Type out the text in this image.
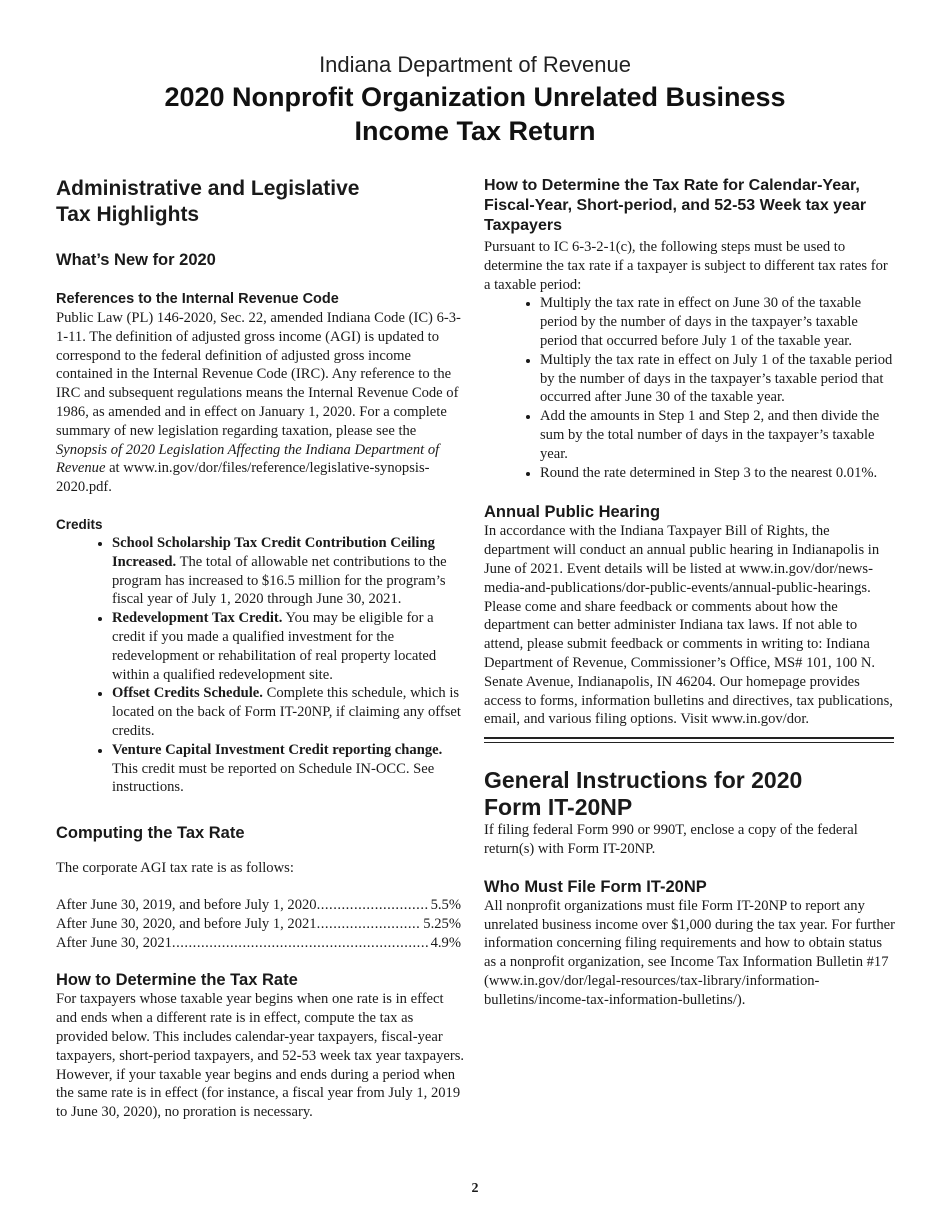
Indiana Department of Revenue
2020 Nonprofit Organization Unrelated Business
Income Tax Return
Administrative and Legislative
Tax Highlights
What’s New for 2020
References to the Internal Revenue Code

Public Law (PL) 146-2020, Sec. 22, amended Indiana Code (IC) 6-3-1-11. The definition of adjusted gross income (AGI) is updated to correspond to the federal definition of adjusted gross income contained in the Internal Revenue Code (IRC). Any reference to the IRC and subsequent regulations means the Internal Revenue Code of 1986, as amended and in effect on January 1, 2020. For a complete summary of new legislation regarding taxation, please see the Synopsis of 2020 Legislation Affecting the Indiana Department of Revenue at www.in.gov/dor/files/reference/legislative-synopsis-2020.pdf.

Credits
• School Scholarship Tax Credit Contribution Ceiling Increased. The total of allowable net contributions to the program has increased to $16.5 million for the program’s fiscal year of July 1, 2020 through June 30, 2021.
• Redevelopment Tax Credit. You may be eligible for a credit if you made a qualified investment for the redevelopment or rehabilitation of real property located within a qualified redevelopment site.
• Offset Credits Schedule. Complete this schedule, which is located on the back of Form IT-20NP, if claiming any offset credits.
• Venture Capital Investment Credit reporting change. This credit must be reported on Schedule IN-OCC. See instructions.
Computing the Tax Rate

The corporate AGI tax rate is as follows:

After June 30, 2019, and before July 1, 2020 .....	5.5%
After June 30, 2020, and before July 1, 2021 .....	5.25%
After June 30, 2021 .....	4.9%
How to Determine the Tax Rate

For taxpayers whose taxable year begins when one rate is in effect and ends when a different rate is in effect, compute the tax as provided below. This includes calendar-year taxpayers, fiscal-year taxpayers, short-period taxpayers, and 52-53 week tax year taxpayers. However, if your taxable year begins and ends during a period when the same rate is in effect (for instance, a fiscal year from July 1, 2019 to June 30, 2020), no proration is necessary.

How to Determine the Tax Rate for Calendar-Year, Fiscal-Year, Short-period, and 52-53 Week tax year Taxpayers

Pursuant to IC 6-3-2-1(c), the following steps must be used to determine the tax rate if a taxpayer is subject to different tax rates for a taxable period:

• Multiply the tax rate in effect on June 30 of the taxable period by the number of days in the taxpayer’s taxable period that occurred before July 1 of the taxable year.
• Multiply the tax rate in effect on July 1 of the taxable period by the number of days in the taxpayer’s taxable period that occurred after June 30 of the taxable year.
• Add the amounts in Step 1 and Step 2, and then divide the sum by the total number of days in the taxpayer’s taxable year.
• Round the rate determined in Step 3 to the nearest 0.01%.
Annual Public Hearing

In accordance with the Indiana Taxpayer Bill of Rights, the department will conduct an annual public hearing in Indianapolis in June of 2021. Event details will be listed at www.in.gov/dor/news-media-and-publications/dor-public-events/annual-public-hearings. Please come and share feedback or comments about how the department can better administer Indiana tax laws. If not able to attend, please submit feedback or comments in writing to: Indiana Department of Revenue, Commissioner’s Office, MS# 101, 100 N. Senate Avenue, Indianapolis, IN 46204. Our homepage provides access to forms, information bulletins and directives, tax publications, email, and various filing options. Visit www.in.gov/dor.

General Instructions for 2020
Form IT-20NP

If filing federal Form 990 or 990T, enclose a copy of the federal return(s) with Form IT-20NP.

Who Must File Form IT-20NP

All nonprofit organizations must file Form IT-20NP to report any unrelated business income over $1,000 during the tax year. For further information concerning filing requirements and how to obtain status as a nonprofit organization, see Income Tax Information Bulletin #17 (www.in.gov/dor/legal-resources/tax-library/information-bulletins/income-tax-information-bulletins/).

2
